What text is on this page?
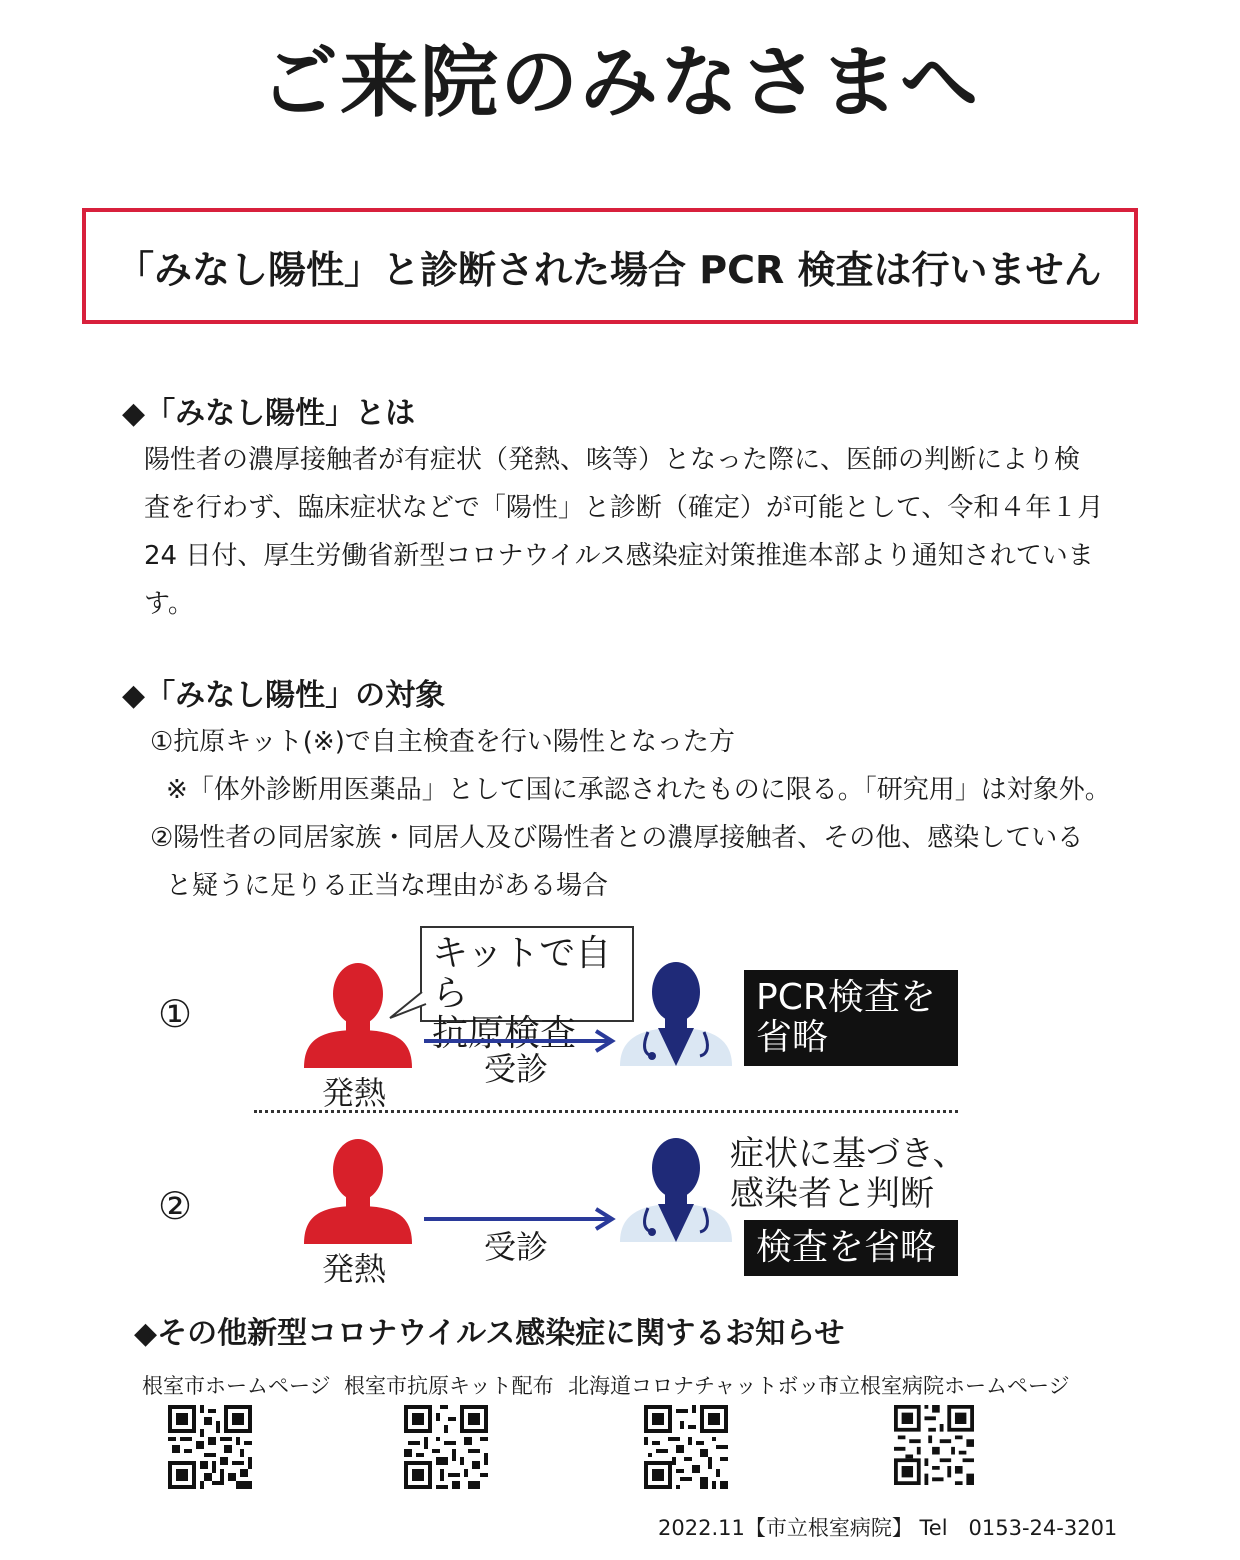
ご来院のみなさまへ
「みなし陽性」と診断された場合 PCR 検査は行いません
◆「みなし陽性」とは
陽性者の濃厚接触者が有症状（発熱、咳等）となった際に、医師の判断により検
査を行わず、臨床症状などで「陽性」と診断（確定）が可能として、令和４年１月
24 日付、厚生労働省新型コロナウイルス感染症対策推進本部より通知されていま
す。
◆「みなし陽性」の対象
①抗原キット(※)で自主検査を行い陽性となった方
※「体外診断用医薬品」として国に承認されたものに限る。「研究用」は対象外。
②陽性者の同居家族・同居人及び陽性者との濃厚接触者、その他、感染している
と疑うに足りる正当な理由がある場合
①
発熱
キットで自ら
抗原検査
受診
PCR検査を
省略
②
発熱
受診
症状に基づき、
感染者と判断
検査を省略
◆その他新型コロナウイルス感染症に関するお知らせ
根室市ホームページ 根室市抗原キット配布 北海道コロナチャットボット
市立根室病院ホームページ
2022.11【市立根室病院】 Tel　0153-24-3201
